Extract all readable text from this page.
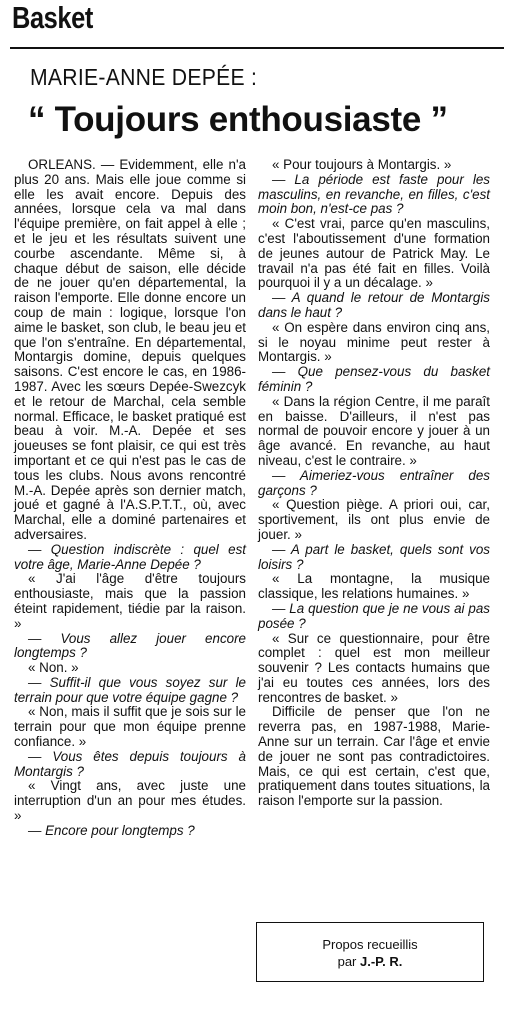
Basket
MARIE-ANNE DEPÉE :
“ Toujours enthousiaste ”

ORLEANS. — Evidemment, elle n'a plus 20 ans. Mais elle joue comme si elle les avait encore. Depuis des années, lorsque cela va mal dans l'équipe première, on fait appel à elle ; et le jeu et les résultats suivent une courbe ascendante. Même si, à chaque début de saison, elle décide de ne jouer qu'en départemental, la raison l'emporte. Elle donne encore un coup de main : logique, lorsque l'on aime le basket, son club, le beau jeu et que l'on s'entraîne. En départemental, Montargis domine, depuis quelques saisons. C'est encore le cas, en 1986-1987. Avec les sœurs Depée-Swezcyk et le retour de Marchal, cela semble normal. Efficace, le basket pratiqué est beau à voir. M.-A. Depée et ses joueuses se font plaisir, ce qui est très important et ce qui n'est pas le cas de tous les clubs. Nous avons rencontré M.-A. Depée après son dernier match, joué et gagné à l'A.S.P.T.T., où, avec Marchal, elle a dominé partenaires et adversaires.

— Question indiscrète : quel est votre âge, Marie-Anne Depée ?

« J'ai l'âge d'être toujours enthousiaste, mais que la passion éteint rapidement, tiédie par la raison. »

— Vous allez jouer encore longtemps ?

« Non. »

— Suffit-il que vous soyez sur le terrain pour que votre équipe gagne ?

« Non, mais il suffit que je sois sur le terrain pour que mon équipe prenne confiance. »

— Vous êtes depuis toujours à Montargis ?

« Vingt ans, avec juste une interruption d'un an pour mes études. »

— Encore pour longtemps ?

« Pour toujours à Montargis. »

— La période est faste pour les masculins, en revanche, en filles, c'est moin bon, n'est-ce pas ?

« C'est vrai, parce qu'en masculins, c'est l'aboutissement d'une formation de jeunes autour de Patrick May. Le travail n'a pas été fait en filles. Voilà pourquoi il y a un décalage. »

— A quand le retour de Montargis dans le haut ?

« On espère dans environ cinq ans, si le noyau minime peut rester à Montargis. »

— Que pensez-vous du basket féminin ?

« Dans la région Centre, il me paraît en baisse. D'ailleurs, il n'est pas normal de pouvoir encore y jouer à un âge avancé. En revanche, au haut niveau, c'est le contraire. »

— Aimeriez-vous entraîner des garçons ?

« Question piège. A priori oui, car, sportivement, ils ont plus envie de jouer. »

— A part le basket, quels sont vos loisirs ?

« La montagne, la musique classique, les relations humaines. »

— La question que je ne vous ai pas posée ?

« Sur ce questionnaire, pour être complet : quel est mon meilleur souvenir ? Les contacts humains que j'ai eu toutes ces années, lors des rencontres de basket. »

Difficile de penser que l'on ne reverra pas, en 1987-1988, Marie-Anne sur un terrain. Car l'âge et envie de jouer ne sont pas contradictoires. Mais, ce qui est certain, c'est que, pratiquement dans toutes situations, la raison l'emporte sur la passion.

Propos recueillis
par J.-P. R.
